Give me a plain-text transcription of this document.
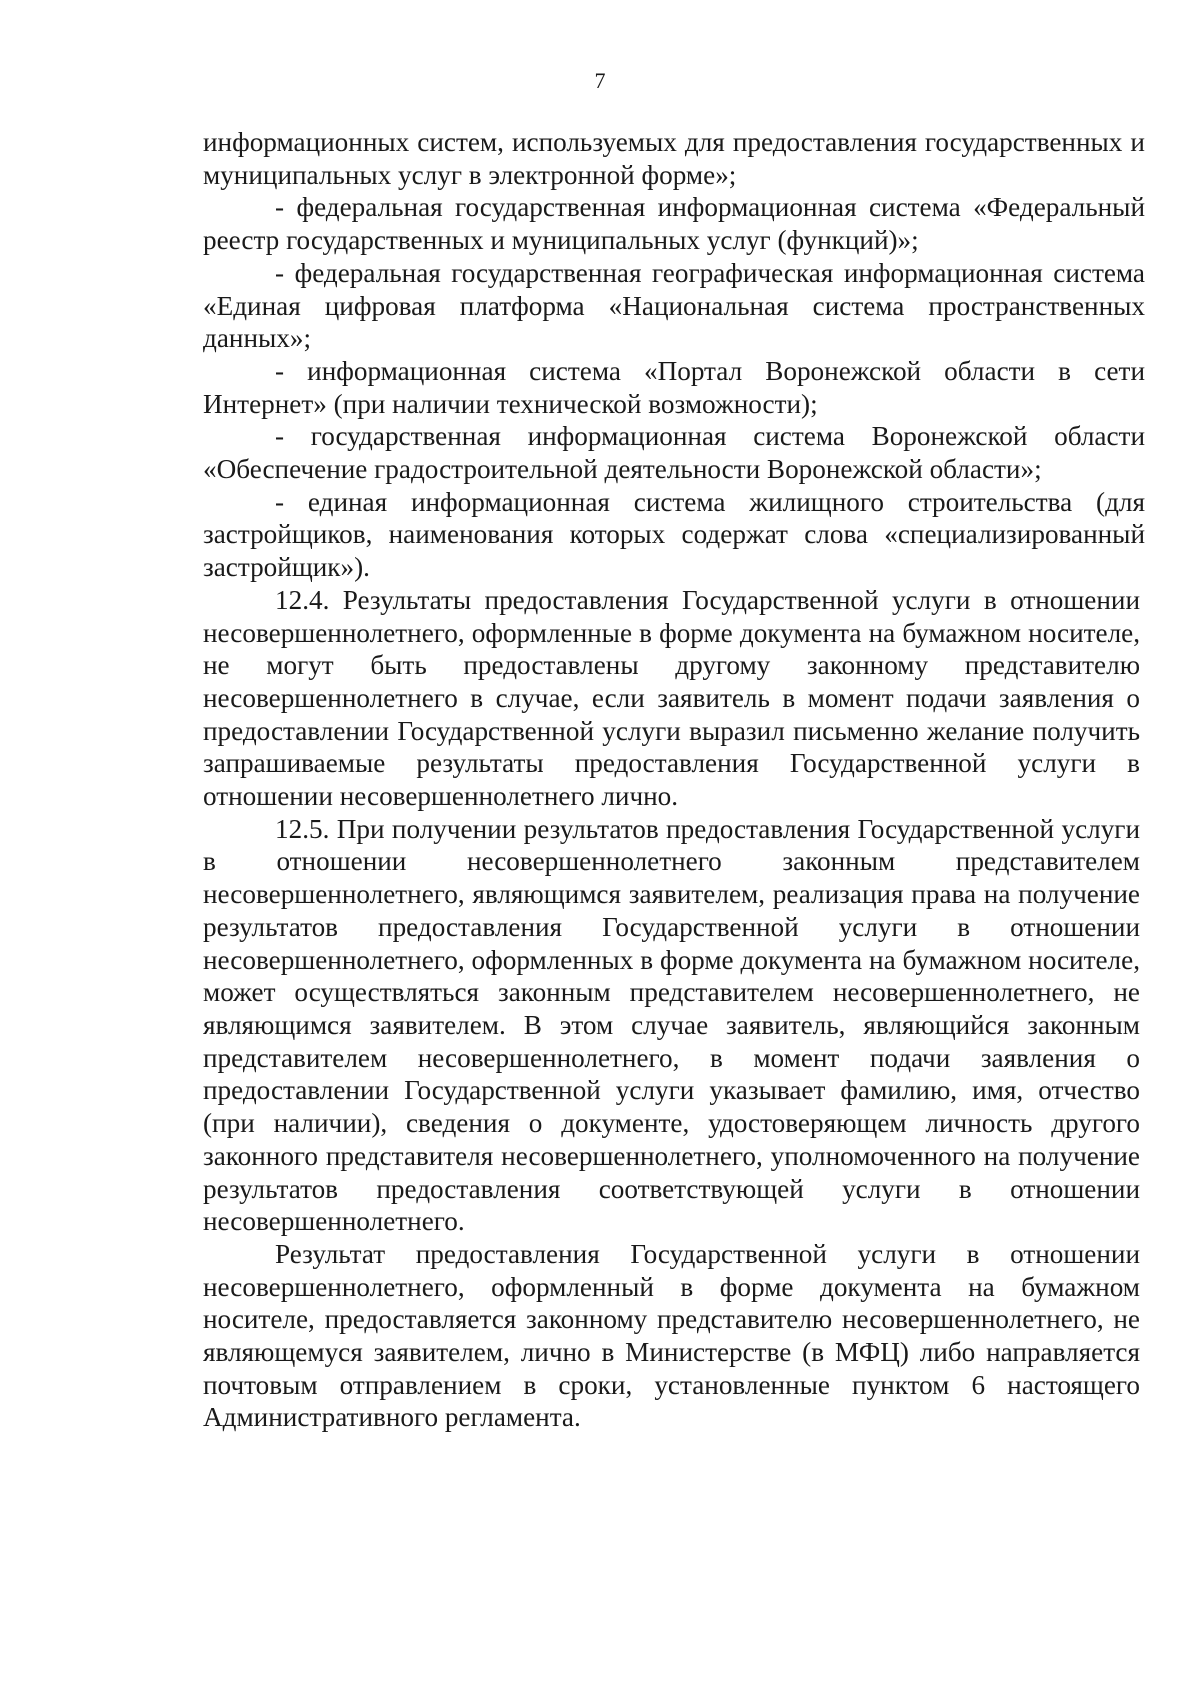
7

информационных систем, используемых для предоставления государственных и муниципальных услуг в электронной форме»;

- федеральная государственная информационная система «Федеральный реестр государственных и муниципальных услуг (функций)»;

- федеральная государственная географическая информационная система «Единая цифровая платформа «Национальная система пространственных данных»;

- информационная система «Портал Воронежской области в сети Интернет» (при наличии технической возможности);

- государственная информационная система Воронежской области «Обеспечение градостроительной деятельности Воронежской области»;

- единая информационная система жилищного строительства (для застройщиков, наименования которых содержат слова «специализированный застройщик»).

12.4. Результаты предоставления Государственной услуги в отношении несовершеннолетнего, оформленные в форме документа на бумажном носителе, не могут быть предоставлены другому законному представителю несовершеннолетнего в случае, если заявитель в момент подачи заявления о предоставлении Государственной услуги выразил письменно желание получить запрашиваемые результаты предоставления Государственной услуги в отношении несовершеннолетнего лично.

12.5. При получении результатов предоставления Государственной услуги в отношении несовершеннолетнего законным представителем несовершеннолетнего, являющимся заявителем, реализация права на получение результатов предоставления Государственной услуги в отношении несовершеннолетнего, оформленных в форме документа на бумажном носителе, может осуществляться законным представителем несовершеннолетнего, не являющимся заявителем. В этом случае заявитель, являющийся законным представителем несовершеннолетнего, в момент подачи заявления о предоставлении Государственной услуги указывает фамилию, имя, отчество (при наличии), сведения о документе, удостоверяющем личность другого законного представителя несовершеннолетнего, уполномоченного на получение результатов предоставления соответствующей услуги в отношении несовершеннолетнего.

Результат предоставления Государственной услуги в отношении несовершеннолетнего, оформленный в форме документа на бумажном носителе, предоставляется законному представителю несовершеннолетнего, не являющемуся заявителем, лично в Министерстве (в МФЦ) либо направляется почтовым отправлением в сроки, установленные пунктом 6 настоящего Административного регламента.
